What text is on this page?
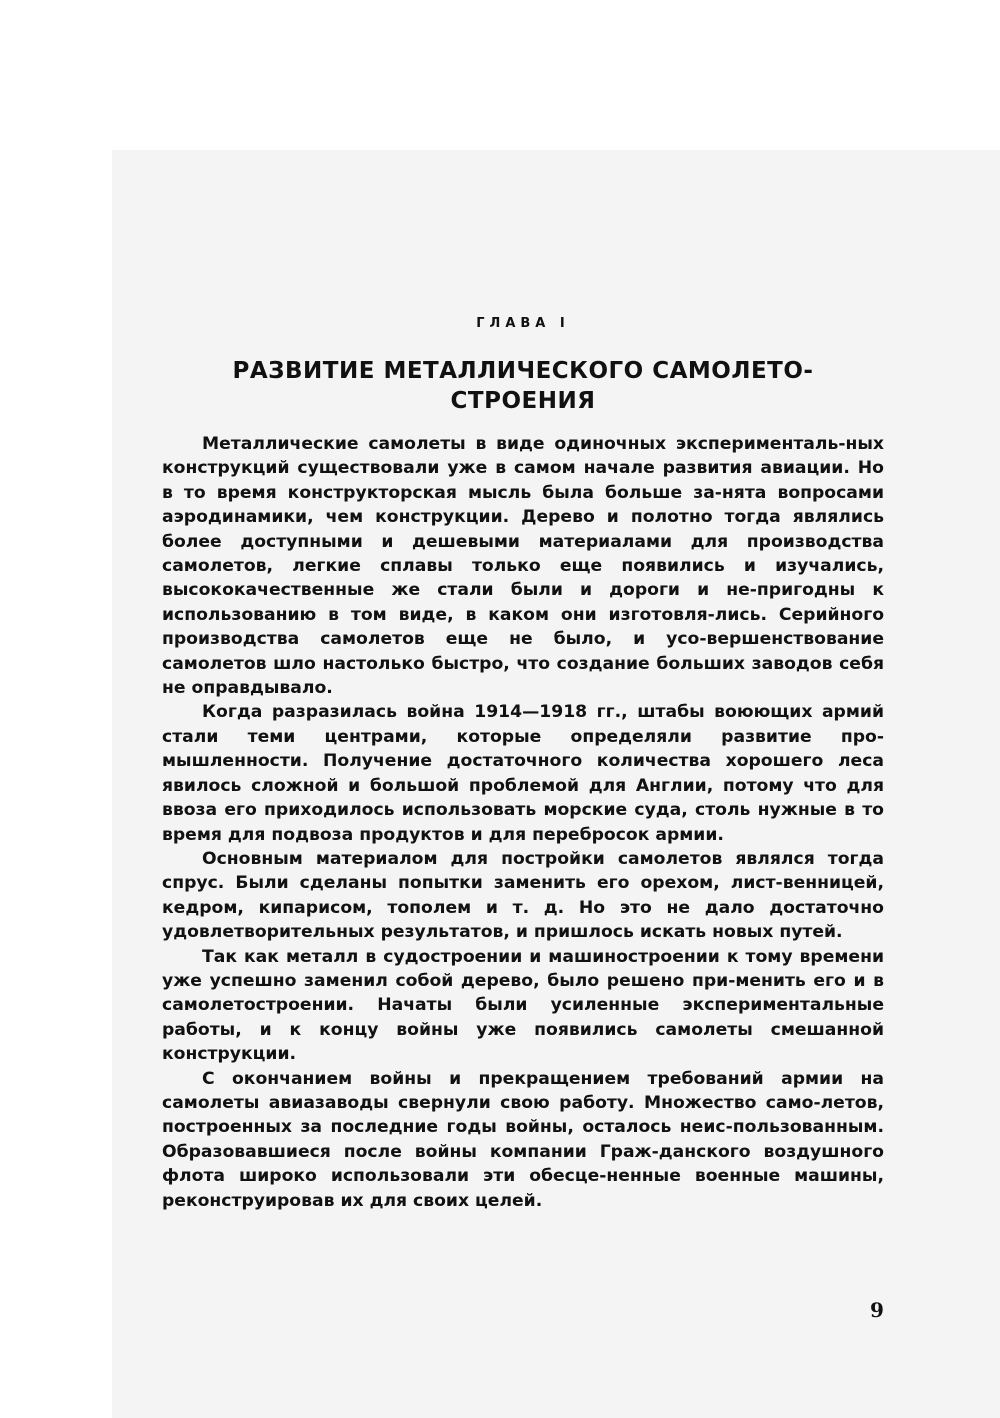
ГЛАВА I
РАЗВИТИЕ МЕТАЛЛИЧЕСКОГО САМОЛЕТО-
СТРОЕНИЯ

Металлические самолеты в виде одиночных эксперименталь-ных конструкций существовали уже в самом начале развития авиации. Но в то время конструкторская мысль была больше за-нята вопросами аэродинамики, чем конструкции. Дерево и полотно тогда являлись более доступными и дешевыми материалами для производства самолетов, легкие сплавы только еще появились и изучались, высококачественные же стали были и дороги и не-пригодны к использованию в том виде, в каком они изготовля-лись. Серийного производства самолетов еще не было, и усо-вершенствование самолетов шло настолько быстро, что создание больших заводов себя не оправдывало.

Когда разразилась война 1914—1918 гг., штабы воюющих армий стали теми центрами, которые определяли развитие про-мышленности. Получение достаточного количества хорошего леса явилось сложной и большой проблемой для Англии, потому что для ввоза его приходилось использовать морские суда, столь нужные в то время для подвоза продуктов и для перебросок армии.

Основным материалом для постройки самолетов являлся тогда спрус. Были сделаны попытки заменить его орехом, лист-венницей, кедром, кипарисом, тополем и т. д. Но это не дало достаточно удовлетворительных результатов, и пришлось искать новых путей.

Так как металл в судостроении и машиностроении к тому времени уже успешно заменил собой дерево, было решено при-менить его и в самолетостроении. Начаты были усиленные экспериментальные работы, и к концу войны уже появились самолеты смешанной конструкции.

С окончанием войны и прекращением требований армии на самолеты авиазаводы свернули свою работу. Множество само-летов, построенных за последние годы войны, осталось неис-пользованным. Образовавшиеся после войны компании Граж-данского воздушного флота широко использовали эти обесце-ненные военные машины, реконструировав их для своих целей.

9
